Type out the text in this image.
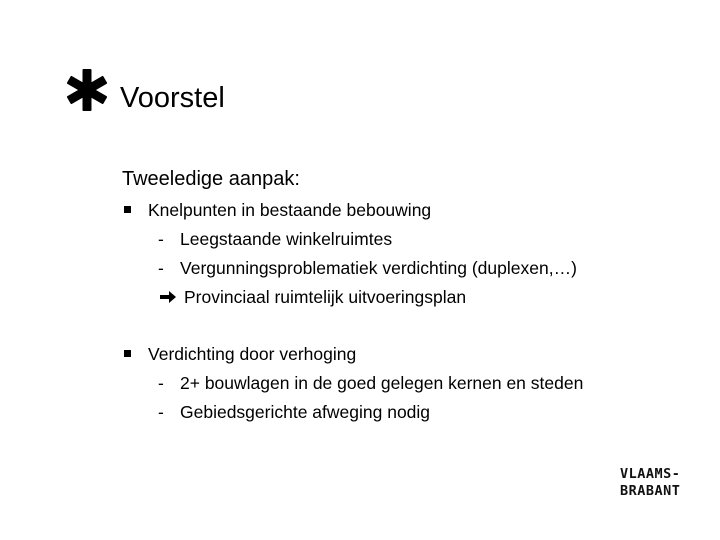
Voorstel
Tweeledige aanpak:
Knelpunten in bestaande bebouwing
- Leegstaande winkelruimtes
- Vergunningsproblematiek verdichting (duplexen,…)
Provinciaal ruimtelijk uitvoeringsplan
Verdichting door verhoging
- 2+ bouwlagen in de goed gelegen kernen en steden
- Gebiedsgerichte afweging nodig
VLAAMS-
BRABANT
